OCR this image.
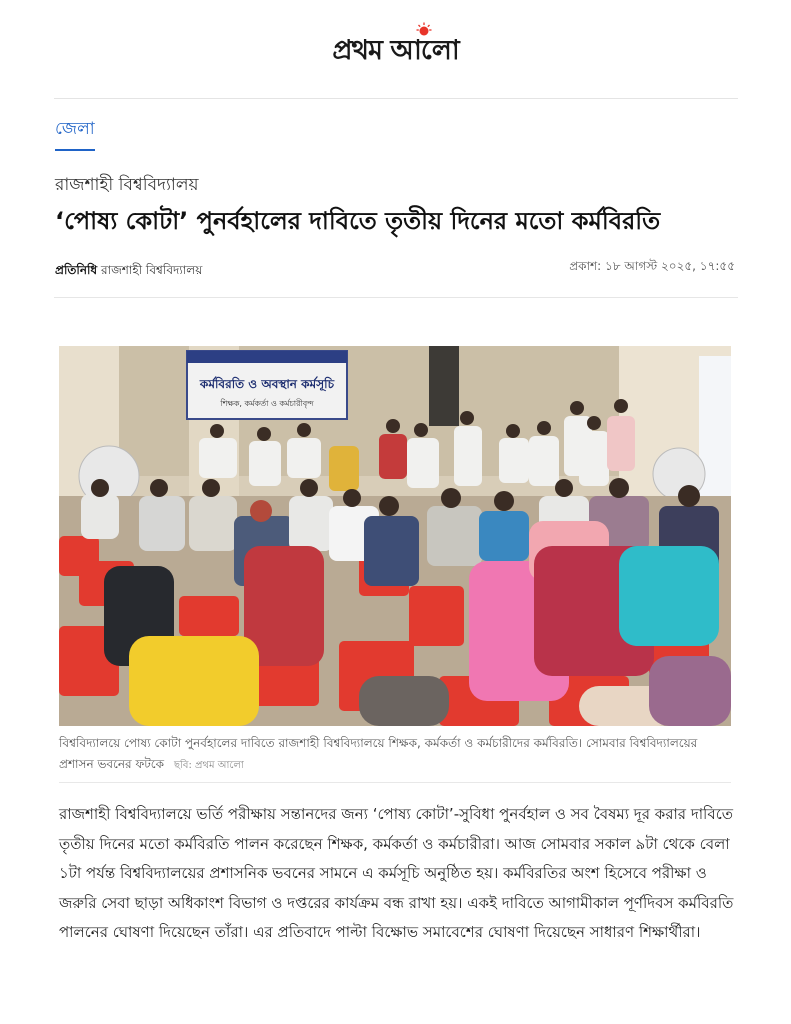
প্রথম আলো
জেলা
রাজশাহী বিশ্ববিদ্যালয়
‘পোষ্য কোটা’ পুনর্বহালের দাবিতে তৃতীয় দিনের মতো কর্মবিরতি
প্রতিনিধি রাজশাহী বিশ্ববিদ্যালয়	প্রকাশ: ১৮ আগস্ট ২০২৫, ১৭:৫৫
কর্মবিরতি ও অবস্থান কর্মসূচি
শিক্ষক, কর্মকর্তা ও কর্মচারীবৃন্দ
বিশ্ববিদ্যালয়ে পোষ্য কোটা পুনর্বহালের দাবিতে রাজশাহী বিশ্ববিদ্যালয়ে শিক্ষক, কর্মকর্তা ও কর্মচারীদের কর্মবিরতি। সোমবার বিশ্ববিদ্যালয়ের প্রশাসন ভবনের ফটকে ছবি: প্রথম আলো

রাজশাহী বিশ্ববিদ্যালয়ে ভর্তি পরীক্ষায় সন্তানদের জন্য ‘পোষ্য কোটা’-সুবিধা পুনর্বহাল ও সব বৈষম্য দূর করার দাবিতে তৃতীয় দিনের মতো কর্মবিরতি পালন করেছেন শিক্ষক, কর্মকর্তা ও কর্মচারীরা। আজ সোমবার সকাল ৯টা থেকে বেলা ১টা পর্যন্ত বিশ্ববিদ্যালয়ের প্রশাসনিক ভবনের সামনে এ কর্মসূচি অনুষ্ঠিত হয়। কর্মবিরতির অংশ হিসেবে পরীক্ষা ও জরুরি সেবা ছাড়া অধিকাংশ বিভাগ ও দপ্তরের কার্যক্রম বন্ধ রাখা হয়। একই দাবিতে আগামীকাল পূর্ণদিবস কর্মবিরতি পালনের ঘোষণা দিয়েছেন তাঁরা। এর প্রতিবাদে পাল্টা বিক্ষোভ সমাবেশের ঘোষণা দিয়েছেন সাধারণ শিক্ষার্থীরা।
